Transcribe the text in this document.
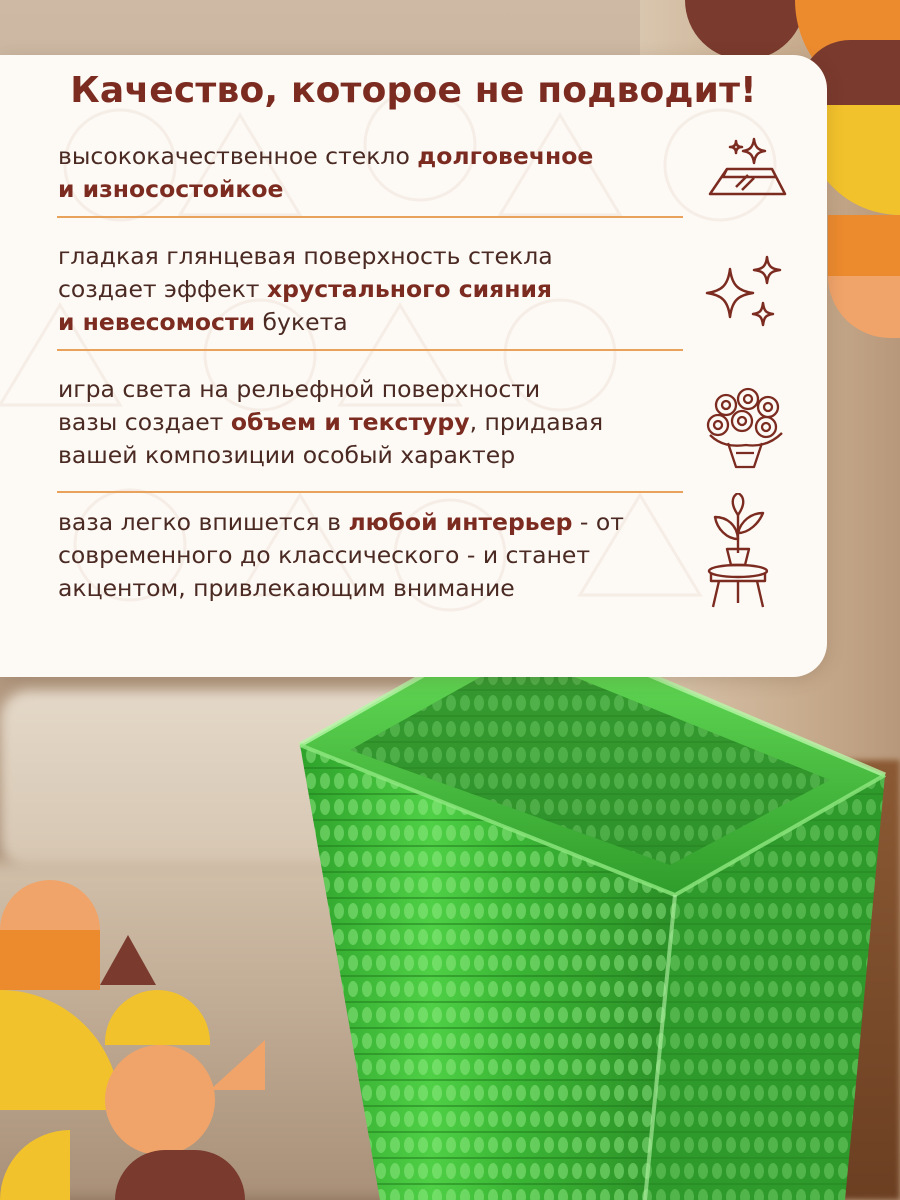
Качество, которое не подводит!
высококачественное стекло долговечное
и износостойкое
гладкая глянцевая поверхность стекла
создает эффект хрустального сияния
и невесомости букета
игра света на рельефной поверхности
вазы создает объем и текстуру, придавая
вашей композиции особый характер
ваза легко впишется в любой интерьер - от
современного до классического - и станет
акцентом, привлекающим внимание
